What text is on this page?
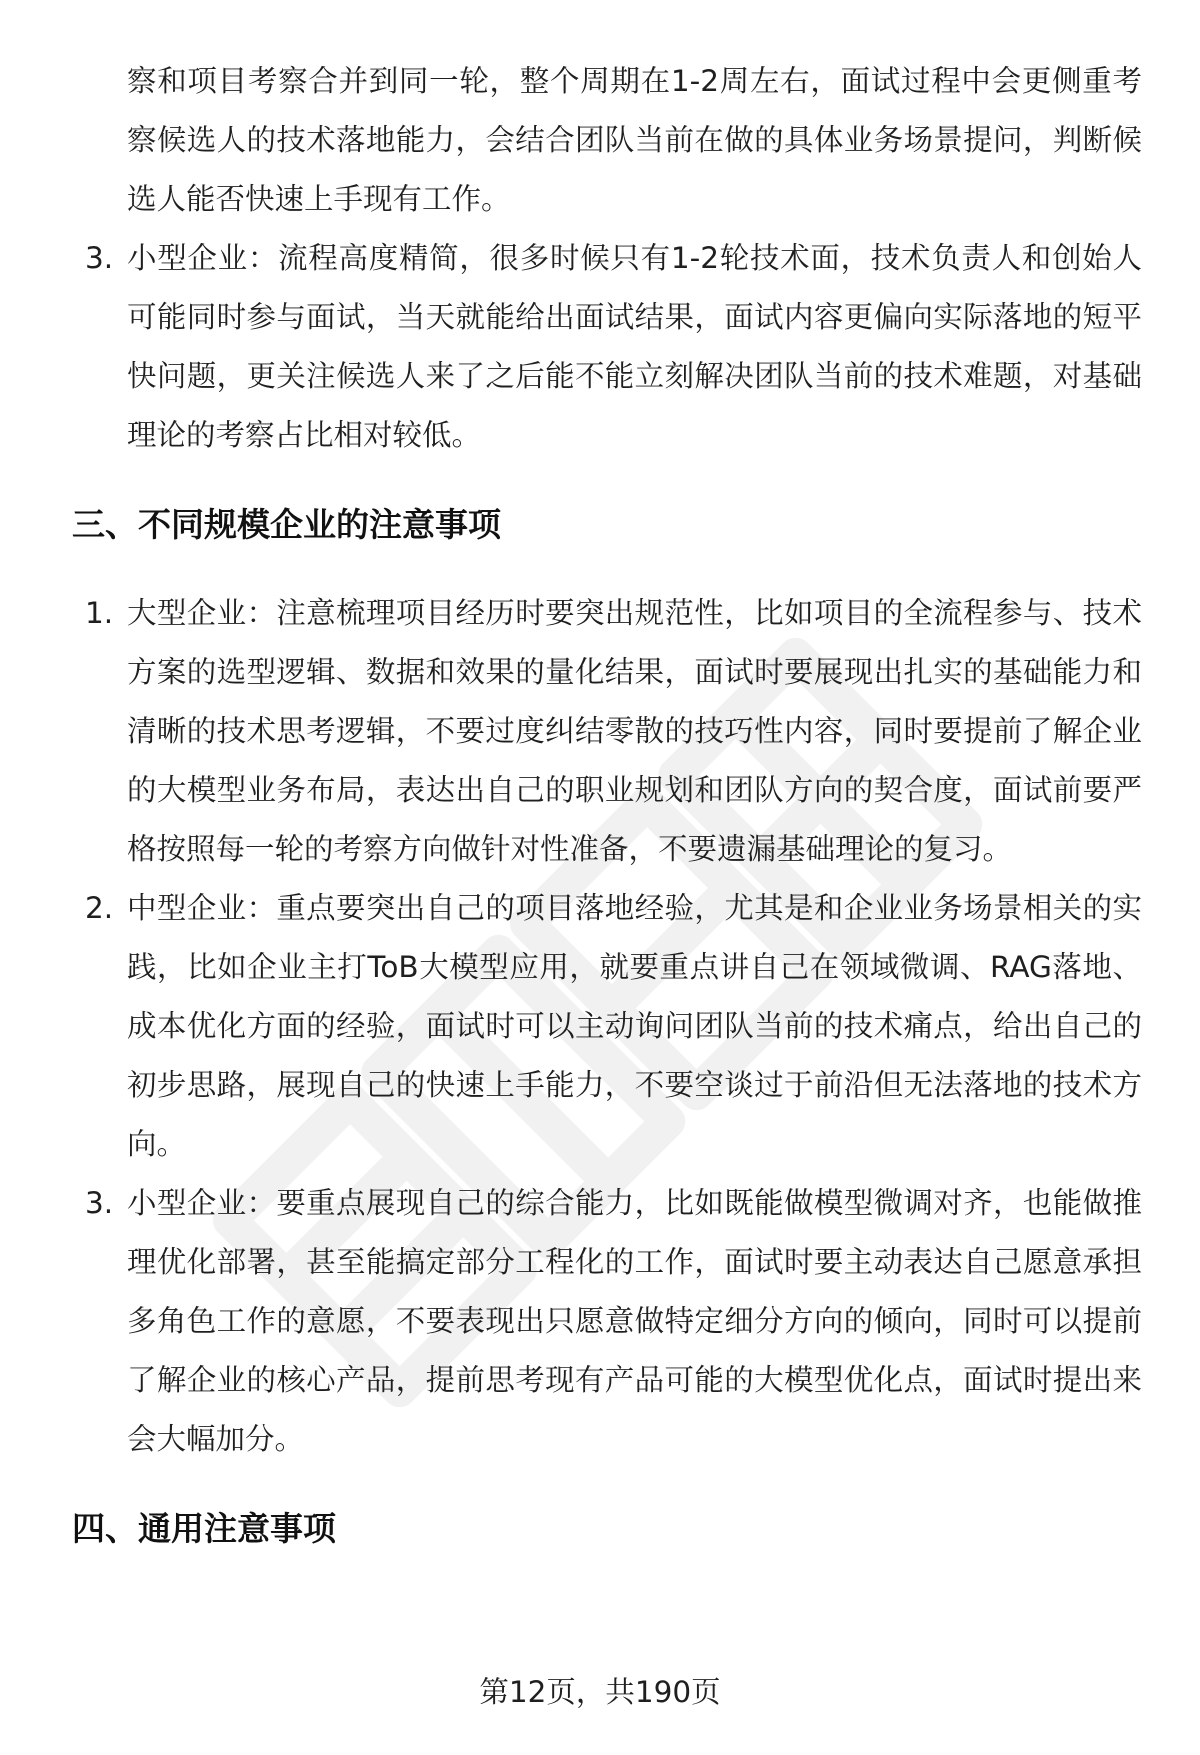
察和项目考察合并到同一轮，整个周期在1-2周左右，面试过程中会更侧重考察候选人的技术落地能力，会结合团队当前在做的具体业务场景提问，判断候选人能否快速上手现有工作。

3. 小型企业：流程高度精简，很多时候只有1-2轮技术面，技术负责人和创始人可能同时参与面试，当天就能给出面试结果，面试内容更偏向实际落地的短平快问题，更关注候选人来了之后能不能立刻解决团队当前的技术难题，对基础理论的考察占比相对较低。
三、不同规模企业的注意事项
1. 大型企业：注意梳理项目经历时要突出规范性，比如项目的全流程参与、技术方案的选型逻辑、数据和效果的量化结果，面试时要展现出扎实的基础能力和清晰的技术思考逻辑，不要过度纠结零散的技巧性内容，同时要提前了解企业的大模型业务布局，表达出自己的职业规划和团队方向的契合度，面试前要严格按照每一轮的考察方向做针对性准备，不要遗漏基础理论的复习。
2. 中型企业：重点要突出自己的项目落地经验，尤其是和企业业务场景相关的实践，比如企业主打ToB大模型应用，就要重点讲自己在领域微调、RAG落地、成本优化方面的经验，面试时可以主动询问团队当前的技术痛点，给出自己的初步思路，展现自己的快速上手能力，不要空谈过于前沿但无法落地的技术方向。
3. 小型企业：要重点展现自己的综合能力，比如既能做模型微调对齐，也能做推理优化部署，甚至能搞定部分工程化的工作，面试时要主动表达自己愿意承担多角色工作的意愿，不要表现出只愿意做特定细分方向的倾向，同时可以提前了解企业的核心产品，提前思考现有产品可能的大模型优化点，面试时提出来会大幅加分。
四、通用注意事项
第12页，共190页
